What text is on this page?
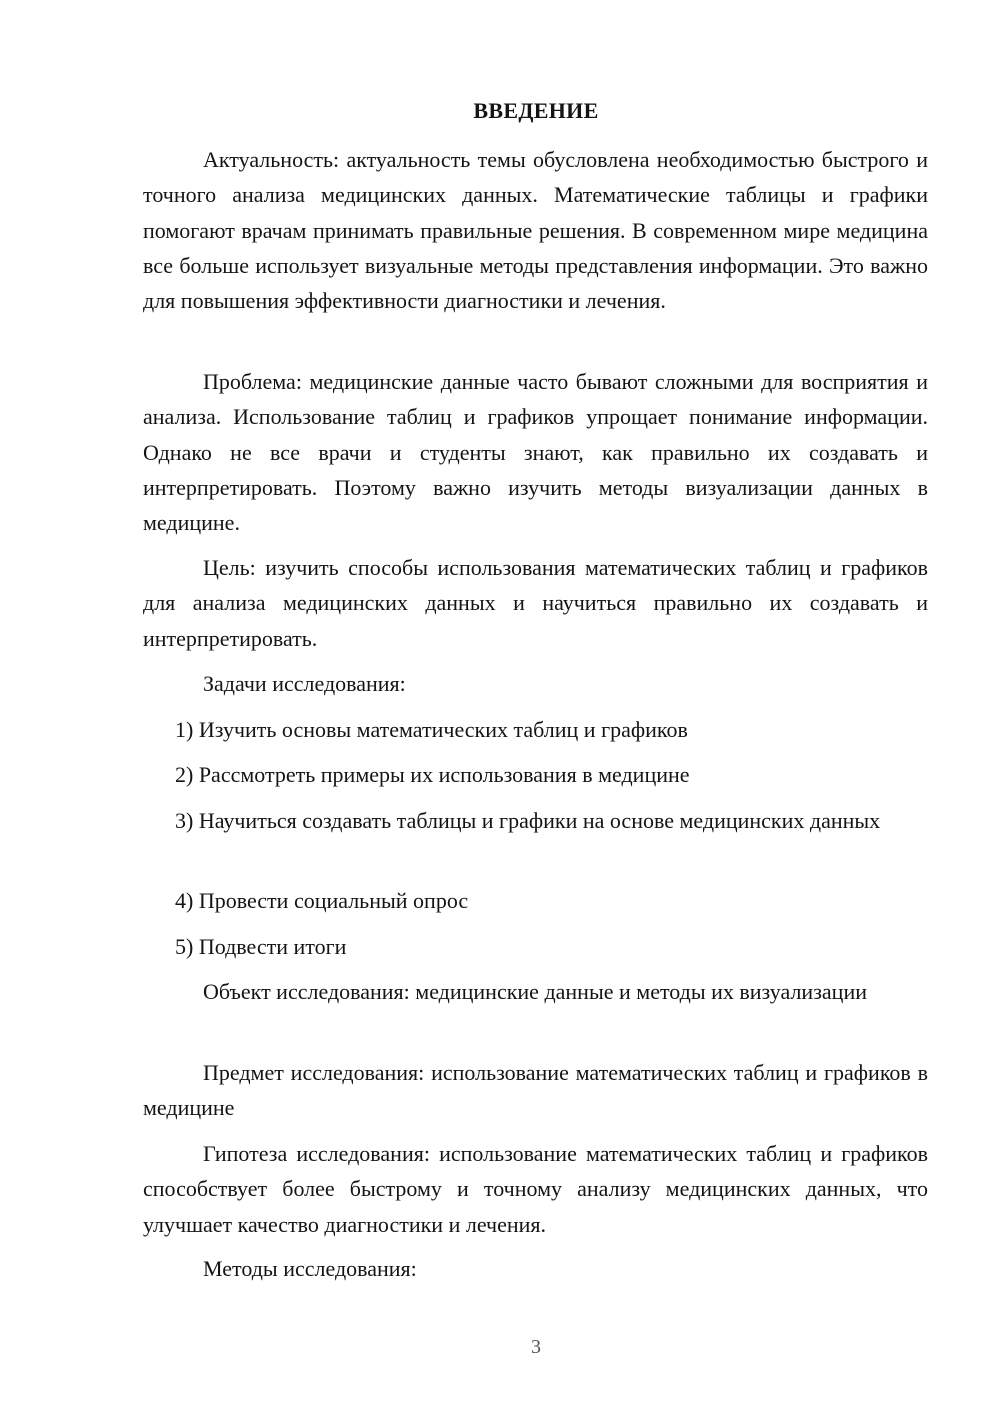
ВВЕДЕНИЕ

Актуальность: актуальность темы обусловлена необходимостью быстрого и точного анализа медицинских данных. Математические таблицы и графики помогают врачам принимать правильные решения. В современном мире медицина все больше использует визуальные методы представления информации. Это важно для повышения эффективности диагностики и лечения.

Проблема: медицинские данные часто бывают сложными для восприятия и анализа. Использование таблиц и графиков упрощает понимание информации. Однако не все врачи и студенты знают, как правильно их создавать и интерпретировать. Поэтому важно изучить методы визуализации данных в медицине.

Цель: изучить способы использования математических таблиц и графиков для анализа медицинских данных и научиться правильно их создавать и интерпретировать.

Задачи исследования:

1) Изучить основы математических таблиц и графиков

2) Рассмотреть примеры их использования в медицине

3) Научиться создавать таблицы и графики на основе медицинских данных

4) Провести социальный опрос

5) Подвести итоги

Объект исследования: медицинские данные и методы их визуализации

Предмет исследования: использование математических таблиц и графиков в медицине

Гипотеза исследования: использование математических таблиц и графиков способствует более быстрому и точному анализу медицинских данных, что улучшает качество диагностики и лечения.

Методы исследования:

3
